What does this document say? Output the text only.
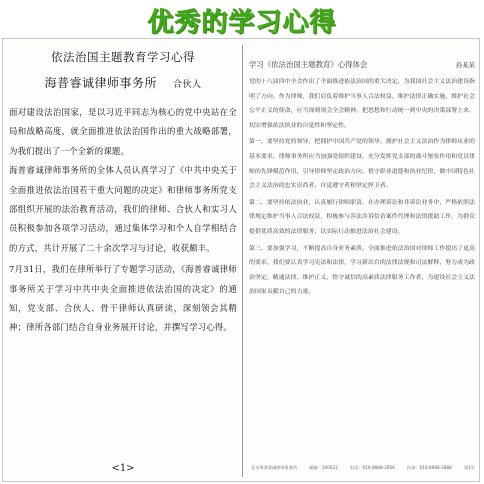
优秀的学习心得

依法治国主题教育学习心得

海普睿诚律师事务所 合伙人

面对建设法治国家，是以习近平同志为核心的党中央站在全局和战略高度，就全面推进依法治国作出的重大战略部署，为我们提出了一个全新的课题。

海普睿诚律师事务所的全体人员认真学习了《中共中央关于全面推进依法治国若干重大问题的决定》和律师事务所党支部组织开展的法治教育活动，我们的律师、合伙人和实习人员积极参加各项学习活动，通过集体学习和个人自学相结合的方式，共计开展了二十余次学习与讨论，收获颇丰。

7月31日，我们在律所举行了专题学习活动，《海普睿诚律师事务所关于学习中共中央全面推进依法治国的决定》的通知，党支部、合伙人、骨干律师认真研读，深刻领会其精神；律所各部门结合自身业务展开讨论，并撰写学习心得。

学习《依法治国主题教育》心得体会	孙某某

党的十八届四中全会作出了全面推进依法治国的重大决定，为我国社会主义法治建设指明了方向。作为律师，我们肩负着维护当事人合法权益、维护法律正确实施、维护社会公平正义的使命，应当深刻领会全会精神，把思想和行动统一到中央的决策部署上来，切实增强依法执业的自觉性和坚定性。

第一，要坚持党的领导，把拥护中国共产党的领导、拥护社会主义法治作为律师从业的基本要求。律师事务所应当加强党组织建设，充分发挥党支部的战斗堡垒作用和党员律师的先锋模范作用，引导律师坚定政治方向，恪守职业道德和执业纪律，做中国特色社会主义法治的忠实崇尚者、自觉遵守者和坚定捍卫者。

第二，要坚持依法执业，认真履行律师职责。在办理诉讼和非诉讼业务中，严格依照法律规定维护当事人合法权益，积极参与涉法涉诉信访案件代理和法律援助工作，为群众提供优质高效的法律服务，以实际行动推进法治社会建设。

第三，要加强学习，不断提高自身业务素质。全面推进依法治国对律师工作提出了更高的要求，我们要认真学习宪法和法律，学习新出台的法律法规和司法解释，努力成为政治坚定、精通法律、维护正义、恪守诚信的高素质法律服务工作者，为建设社会主义法治国家贡献自己的力量。

<1>	北京海普睿诚律师事务所	邮编：100022	电话：010-8888-2666	传真：010-8888-2888	第1页
